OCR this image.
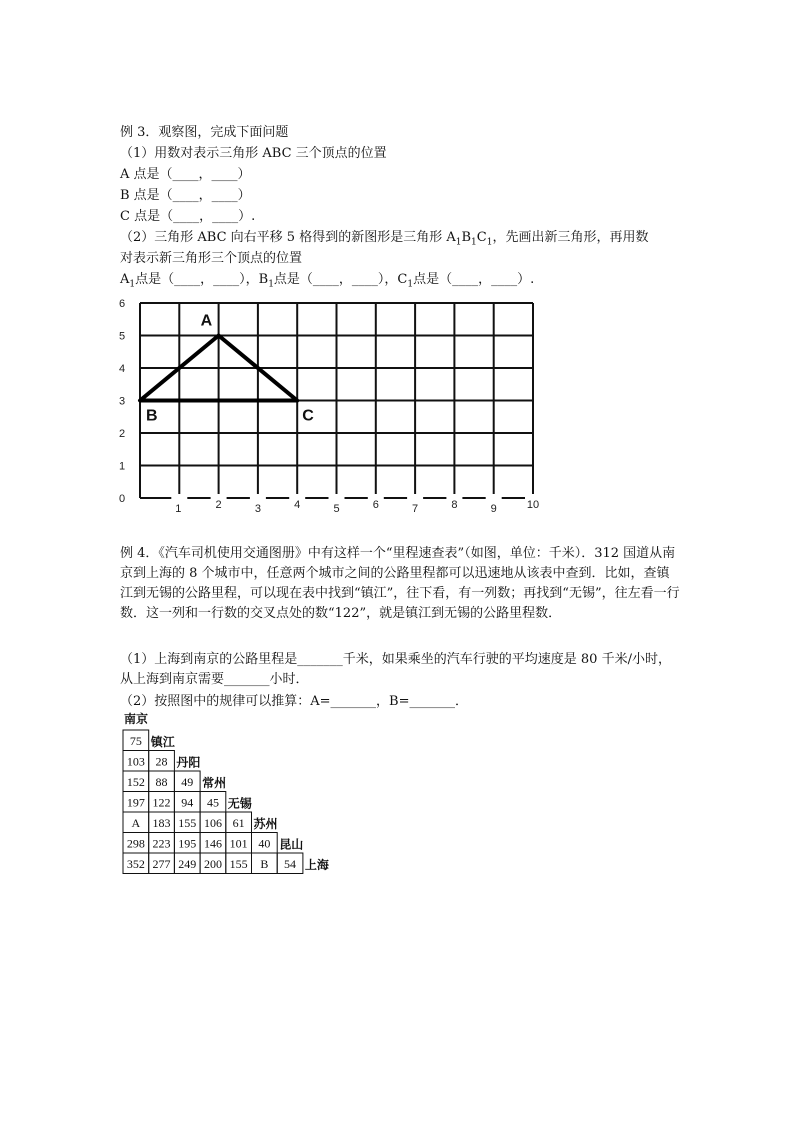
例 3．观察图，完成下面问题
（1）用数对表示三角形 ABC 三个顶点的位置
A 点是（____，____）
B 点是（____，____）
C 点是（____，____）.
（2）三角形 ABC 向右平移 5 格得到的新图形是三角形 $A_1B_1C_1$，先画出新三角形，再用数
对表示新三角形三个顶点的位置
$A_1$点是（____，____），$B_1$点是（____，____），$C_1$点是（____，____）.
0
1
2
3
4
5
6
1	2	3	4	5	6	7	8	9	10
A
B	C
例 4．《汽车司机使用交通图册》中有这样一个“里程速查表”（如图，单位：千米）．312 国道从南京到上海的 8 个城市中，任意两个城市之间的公路里程都可以迅速地从该表中查到．比如，查镇江到无锡的公路里程，可以现在表中找到“镇江”，往下看，有一列数；再找到“无锡”，往左看一行数．这一列和一行数的交叉点处的数“122”，就是镇江到无锡的公路里程数．
（1）上海到南京的公路里程是_______千米，如果乘坐的汽车行驶的平均速度是 80 千米/小时，从上海到南京需要_______小时．
（2）按照图中的规律可以推算：A=_______，B=_______．
南京
75 镇江
103 28 丹阳
152 88 49 常州
197 122 94 45 无锡
A 183 155 106 61 苏州
298 223 195 146 101 40 昆山
352 277 249 200 155 B 54 上海
